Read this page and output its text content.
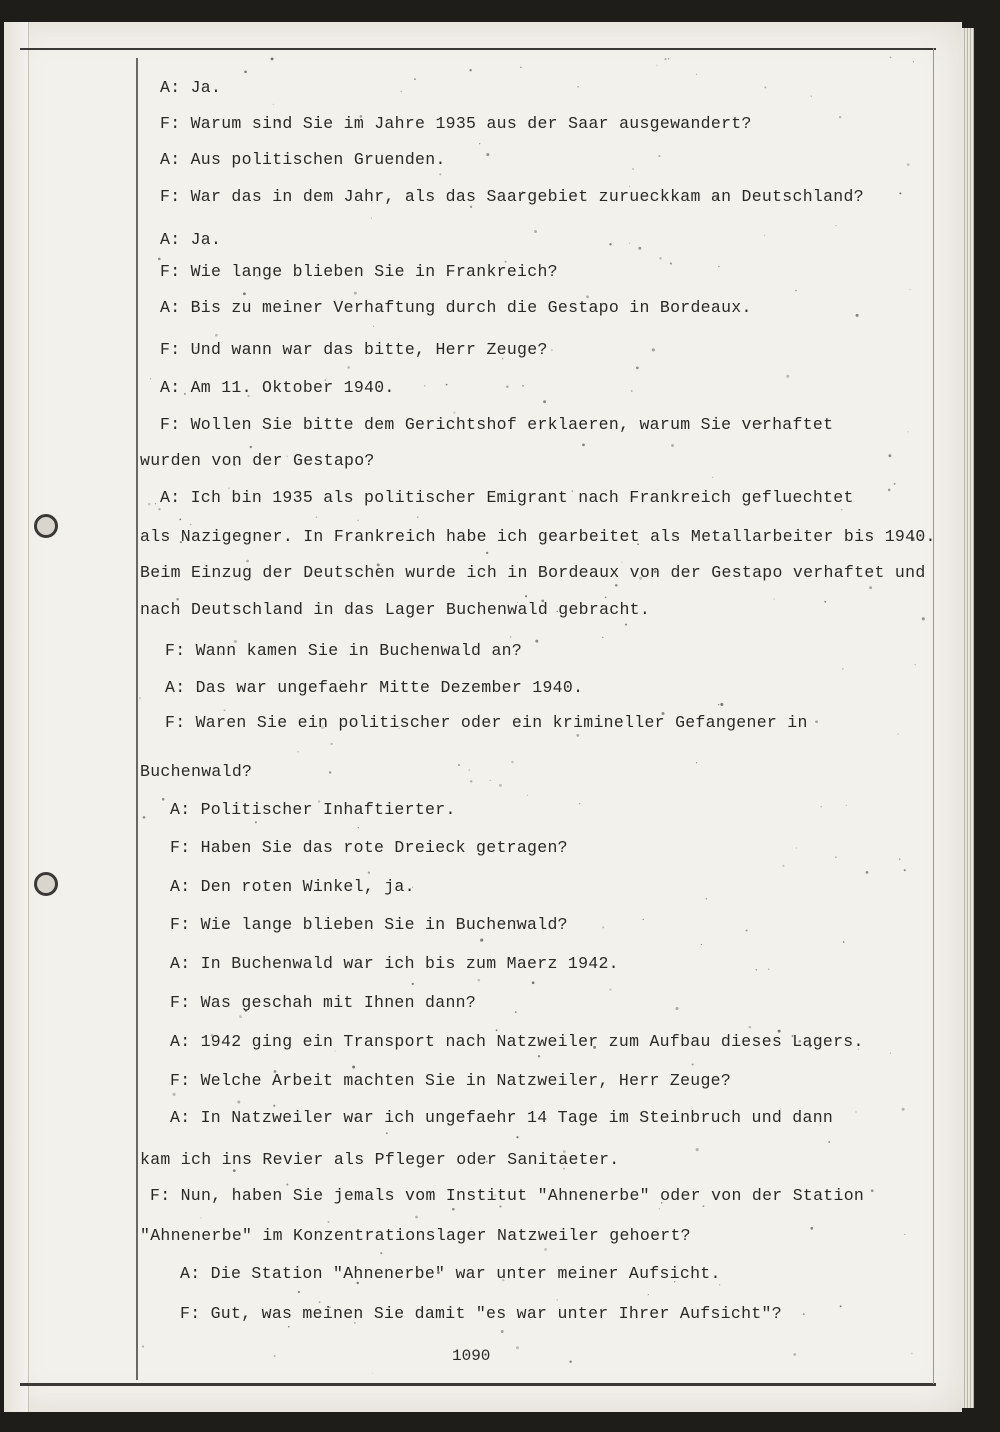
A: Ja.
F: Warum sind Sie im Jahre 1935 aus der Saar ausgewandert?
A: Aus politischen Gruenden.
F: War das in dem Jahr, als das Saargebiet zurueckkam an Deutschland?
A: Ja.
F: Wie lange blieben Sie in Frankreich?
A: Bis zu meiner Verhaftung durch die Gestapo in Bordeaux.
F: Und wann war das bitte, Herr Zeuge?
A: Am 11. Oktober 1940.
F: Wollen Sie bitte dem Gerichtshof erklaeren, warum Sie verhaftet
wurden von der Gestapo?
A: Ich bin 1935 als politischer Emigrant nach Frankreich gefluechtet
als Nazigegner. In Frankreich habe ich gearbeitet als Metallarbeiter bis 1940.
Beim Einzug der Deutschen wurde ich in Bordeaux von der Gestapo verhaftet und
nach Deutschland in das Lager Buchenwald gebracht.
F: Wann kamen Sie in Buchenwald an?
A: Das war ungefaehr Mitte Dezember 1940.
F: Waren Sie ein politischer oder ein krimineller Gefangener in
Buchenwald?
A: Politischer Inhaftierter.
F: Haben Sie das rote Dreieck getragen?
A: Den roten Winkel, ja.
F: Wie lange blieben Sie in Buchenwald?
A: In Buchenwald war ich bis zum Maerz 1942.
F: Was geschah mit Ihnen dann?
A: 1942 ging ein Transport nach Natzweiler zum Aufbau dieses Lagers.
F: Welche Arbeit machten Sie in Natzweiler, Herr Zeuge?
A: In Natzweiler war ich ungefaehr 14 Tage im Steinbruch und dann
kam ich ins Revier als Pfleger oder Sanitaeter.
F: Nun, haben Sie jemals vom Institut "Ahnenerbe" oder von der Station
"Ahnenerbe" im Konzentrationslager Natzweiler gehoert?
A: Die Station "Ahnenerbe" war unter meiner Aufsicht.
F: Gut, was meinen Sie damit "es war unter Ihrer Aufsicht"?
1090
